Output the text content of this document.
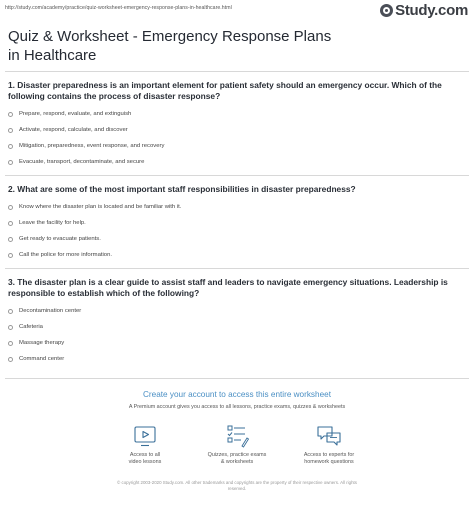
http://study.com/academy/practice/quiz-worksheet-emergency-response-plans-in-healthcare.html	Study.com
Quiz & Worksheet - Emergency Response Plans in Healthcare
1. Disaster preparedness is an important element for patient safety should an emergency occur. Which of the following contains the process of disaster response?
Prepare, respond, evaluate, and extinguish
Activate, respond, calculate, and discover
Mitigation, preparedness, event response, and recovery
Evacuate, transport, decontaminate, and secure
2. What are some of the most important staff responsibilities in disaster preparedness?
Know where the disaster plan is located and be familiar with it.
Leave the facility for help.
Get ready to evacuate patients.
Call the police for more information.
3. The disaster plan is a clear guide to assist staff and leaders to navigate emergency situations. Leadership is responsible to establish which of the following?
Decontamination center
Cafeteria
Massage therapy
Command center
Create your account to access this entire worksheet
A Premium account gives you access to all lessons, practice exams, quizzes & worksheets
Access to all
video lessons
Quizzes, practice exams
& worksheets
Access to experts for
homework questions
© copyright 2003-2020 Study.com. All other trademarks and copyrights are the property of their respective owners. All rights
reserved.
